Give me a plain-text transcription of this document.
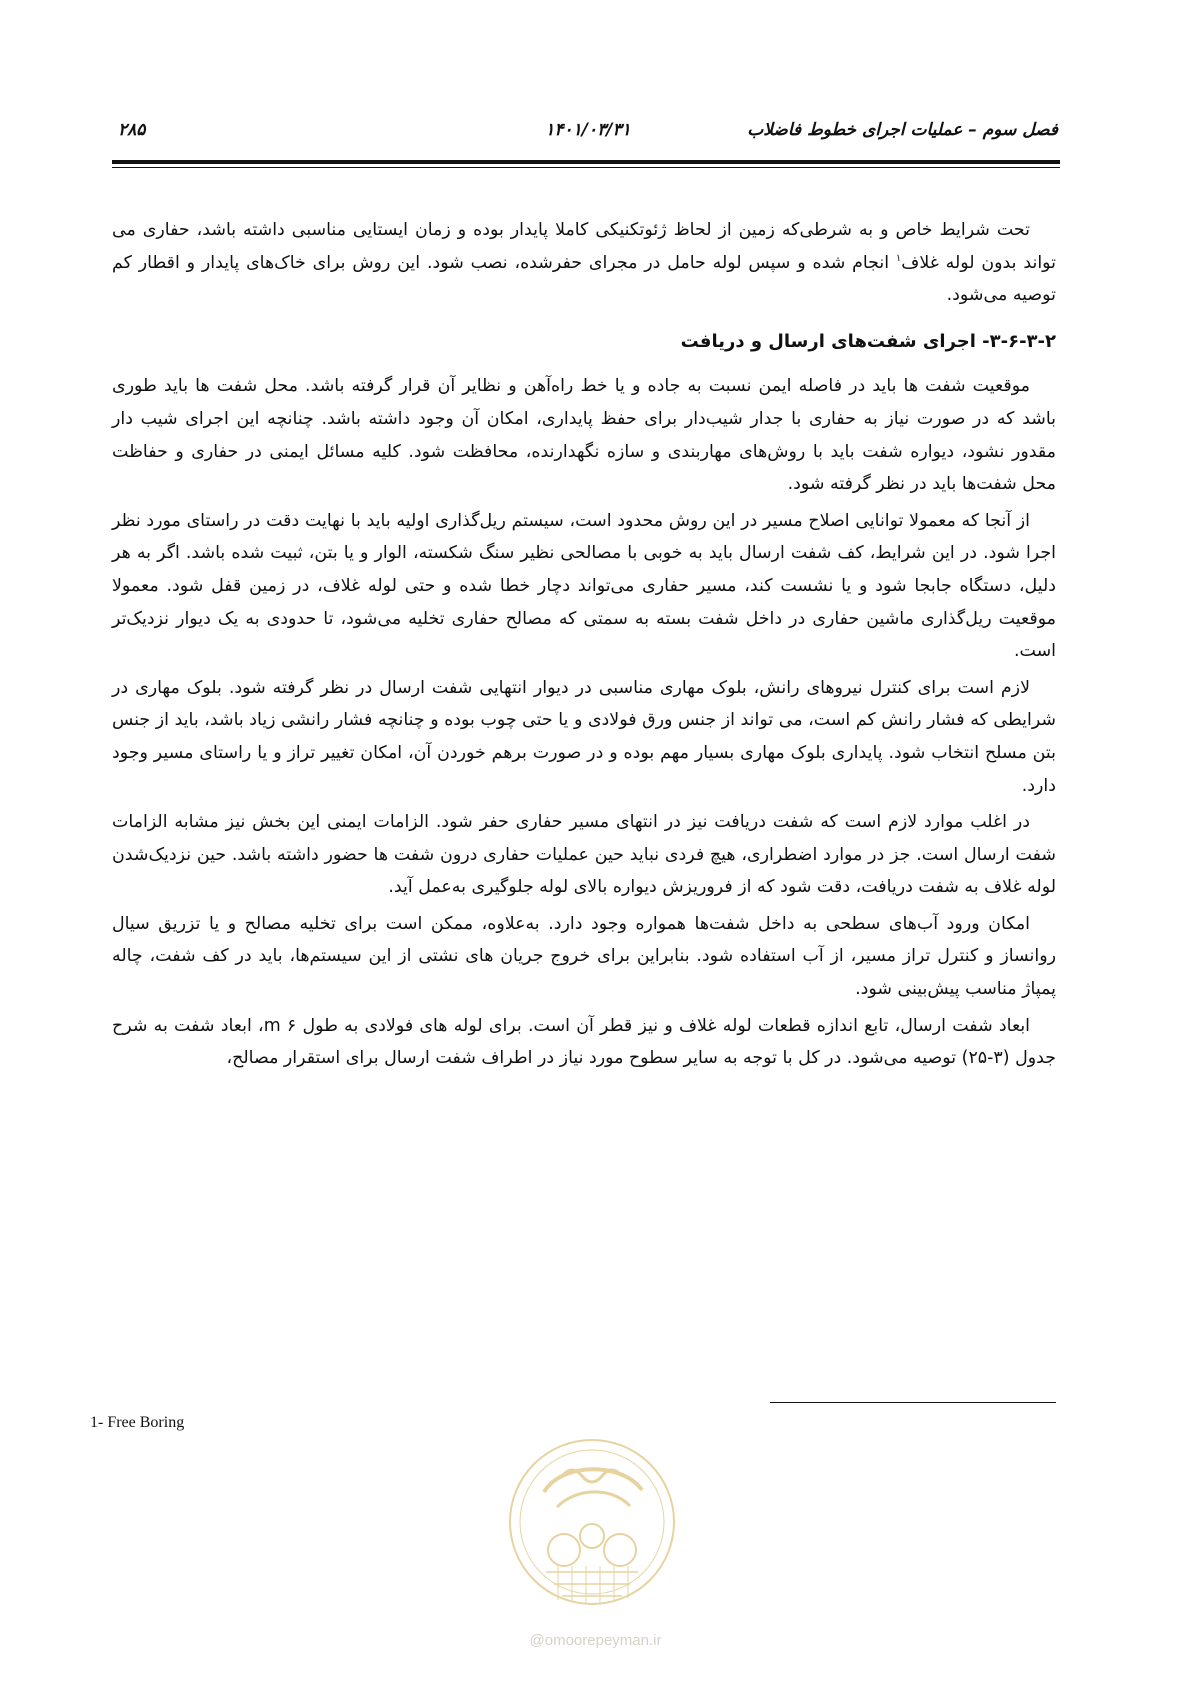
فصل سوم – عملیات اجرای خطوط فاضلاب
۱۴۰۱/۰۳/۳۱
۲۸۵

تحت شرایط خاص و به شرطی‌که زمین از لحاظ ژئوتکنیکی کاملا پایدار بوده و زمان ایستایی مناسبی داشته باشد، حفاری می تواند بدون لوله غلاف$^۱$ انجام شده و سپس لوله حامل در مجرای حفرشده، نصب شود. این روش برای خاک‌های پایدار و اقطار کم توصیه می‌شود.

۳-۶-۳-۲- اجرای شفت‌های ارسال و دریافت

موقعیت شفت ها باید در فاصله ایمن نسبت به جاده و یا خط راه‌آهن و نظایر آن قرار گرفته باشد. محل شفت ها باید طوری باشد که در صورت نیاز به حفاری با جدار شیب‌دار برای حفظ پایداری، امکان آن وجود داشته باشد. چنانچه این اجرای شیب دار مقدور نشود، دیواره شفت باید با روش‌های مهاربندی و سازه نگهدارنده، محافظت شود. کلیه مسائل ایمنی در حفاری و حفاظت محل شفت‌ها باید در نظر گرفته شود.

از آنجا که معمولا توانایی اصلاح مسیر در این روش محدود است، سیستم ریل‌گذاری اولیه باید با نهایت دقت در راستای مورد نظر اجرا شود. در این شرایط، کف شفت ارسال باید به خوبی با مصالحی نظیر سنگ شکسته، الوار و یا بتن، ثبیت شده باشد. اگر به هر دلیل، دستگاه جابجا شود و یا نشست کند، مسیر حفاری می‌تواند دچار خطا شده و حتی لوله غلاف، در زمین قفل شود. معمولا موقعیت ریل‌گذاری ماشین حفاری در داخل شفت بسته به سمتی که مصالح حفاری تخلیه می‌شود، تا حدودی به یک دیوار نزدیک‌تر است.

لازم است برای کنترل نیروهای رانش، بلوک مهاری مناسبی در دیوار انتهایی شفت ارسال در نظر گرفته شود. بلوک مهاری در شرایطی که فشار رانش کم است، می تواند از جنس ورق فولادی و یا حتی چوب بوده و چنانچه فشار رانشی زیاد باشد، باید از جنس بتن مسلح انتخاب شود. پایداری بلوک مهاری بسیار مهم بوده و در صورت برهم خوردن آن، امکان تغییر تراز و یا راستای مسیر وجود دارد.

در اغلب موارد لازم است که شفت دریافت نیز در انتهای مسیر حفاری حفر شود. الزامات ایمنی این بخش نیز مشابه الزامات شفت ارسال است. جز در موارد اضطراری، هیچ فردی نباید حین عملیات حفاری درون شفت ها حضور داشته باشد. حین نزدیک‌شدن لوله غلاف به شفت دریافت، دقت شود که از فروریزش دیواره بالای لوله جلوگیری به‌عمل آید.

امکان ورود آب‌های سطحی به داخل شفت‌ها همواره وجود دارد. به‌علاوه، ممکن است برای تخلیه مصالح و یا تزریق سیال روانساز و کنترل تراز مسیر، از آب استفاده شود. بنابراین برای خروج جریان های نشتی از این سیستم‌ها، باید در کف شفت، چاله پمپاژ مناسب پیش‌بینی شود.

ابعاد شفت ارسال، تابع اندازه قطعات لوله غلاف و نیز قطر آن است. برای لوله های فولادی به طول ۶ m، ابعاد شفت به شرح جدول (۳-۲۵) توصیه می‌شود. در کل با توجه به سایر سطوح مورد نیاز در اطراف شفت ارسال برای استقرار مصالح،

1- Free Boring
@omoorepeyman.ir
